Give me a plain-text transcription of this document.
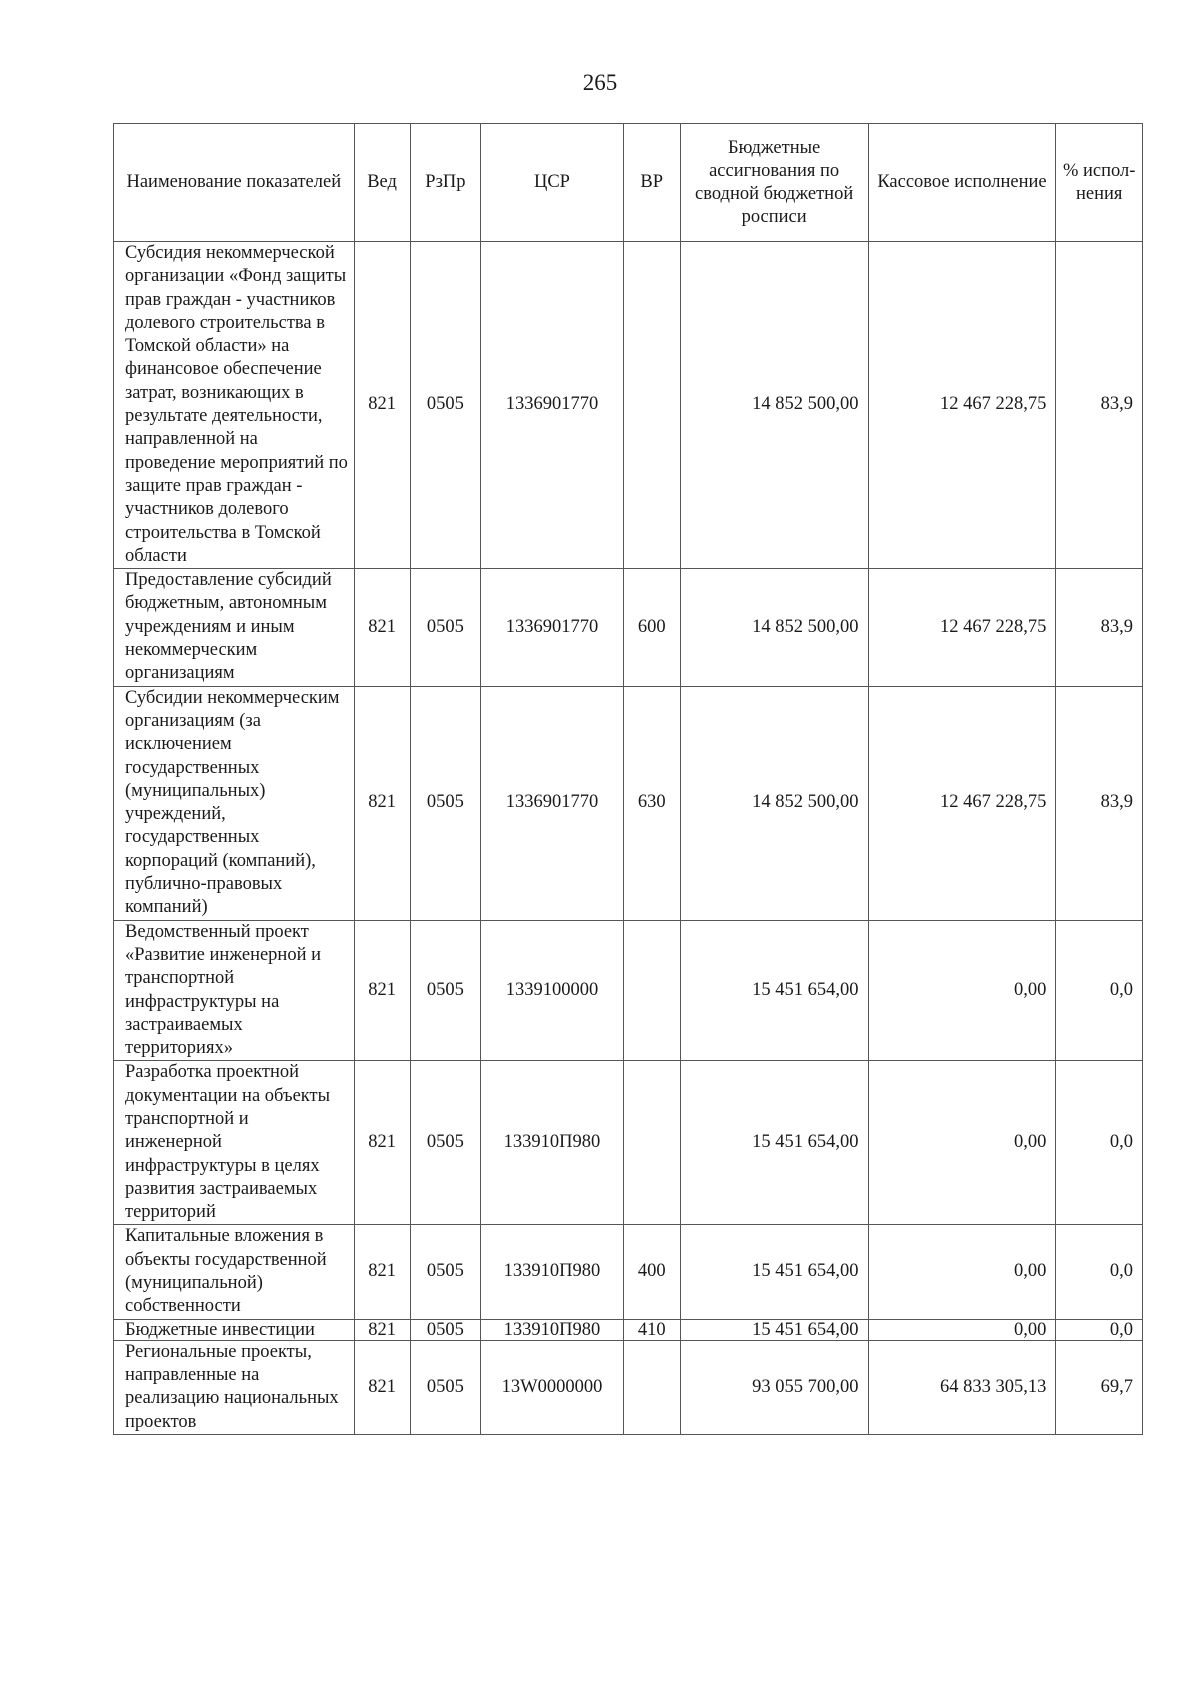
265
Наименование показателей	Вед	РзПр	ЦСР	ВР	Бюджетные ассигнования по сводной бюджетной росписи	Кассовое исполнение	% испол-нения
Субсидия некоммерческой организации «Фонд защиты прав граждан - участников долевого строительства в Томской области» на финансовое обеспечение затрат, возникающих в результате деятельности, направленной на проведение мероприятий по защите прав граждан - участников долевого строительства в Томской области	821	0505	1336901770		14 852 500,00	12 467 228,75	83,9
Предоставление субсидий бюджетным, автономным учреждениям и иным некоммерческим организациям	821	0505	1336901770	600	14 852 500,00	12 467 228,75	83,9
Субсидии некоммерческим организациям (за исключением государственных (муниципальных) учреждений, государственных корпораций (компаний), публично-правовых компаний)	821	0505	1336901770	630	14 852 500,00	12 467 228,75	83,9
Ведомственный проект «Развитие инженерной и транспортной инфраструктуры на застраиваемых территориях»	821	0505	1339100000		15 451 654,00	0,00	0,0
Разработка проектной документации на объекты транспортной и инженерной инфраструктуры в целях развития застраиваемых территорий	821	0505	133910П980		15 451 654,00	0,00	0,0
Капитальные вложения в объекты государственной (муниципальной) собственности	821	0505	133910П980	400	15 451 654,00	0,00	0,0
Бюджетные инвестиции	821	0505	133910П980	410	15 451 654,00	0,00	0,0
Региональные проекты, направленные на реализацию национальных проектов	821	0505	13W0000000		93 055 700,00	64 833 305,13	69,7
